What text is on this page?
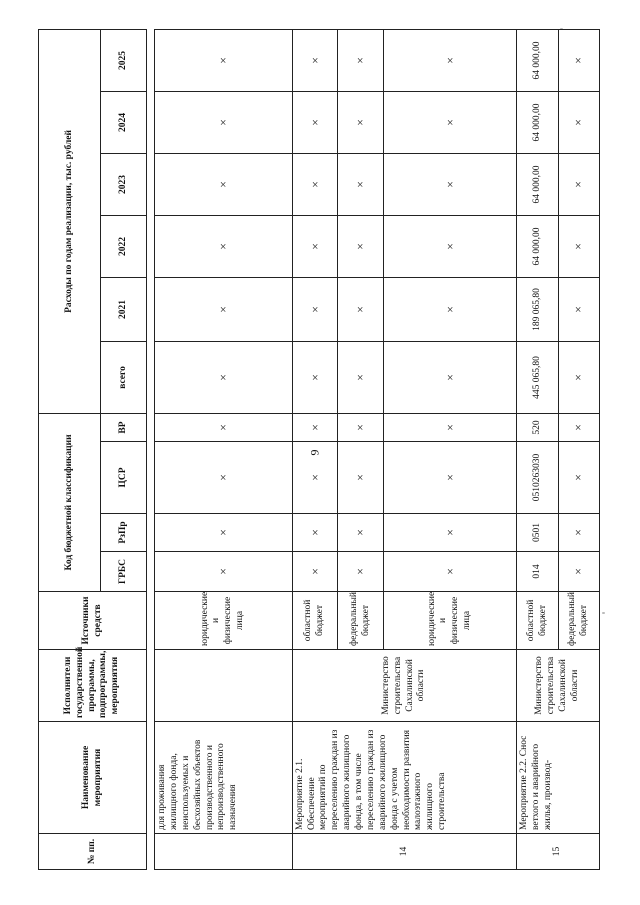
9
№ пп.	Наименование мероприятия	Исполнители государственной программы, подпрограммы, мероприятия	Источники средств	Код бюджетной классификации				Расходы по годам реализации, тыс. рублей					
				ГРБС	РзПр	ЦСР	ВР	всего	2021	2022	2023	2024	2025

	для проживания жилищного фонда, неиспользуемых и бесхозяйных объектов производственного и непроизводственного назначения		юридические и физические лица	×	×	×	×	×	×	×	×	×	×
14	Мероприятие 2.1. Обеспечение мероприятий по переселению граждан из аварийного жилищного фонда, в том числе переселению граждан из аварийного жилищного фонда с учетом необходимости развития малоэтажного жилищного строительства	Министерство строительства Сахалинской области	областной бюджет	×	×	×	×	×	×	×	×	×	×
			федеральный бюджет	×	×	×	×	×	×	×	×	×	×
			юридические и физические лица	×	×	×	×	×	×	×	×	×	×
15	Мероприятие 2.2. Снос ветхого и аварийного жилья, производ-	Министерство строительства Сахалинской области	областной бюджет	014	0501	0510263030	520	445 065,80	189 065,80	64 000,00	64 000,00	64 000,00	64 000,00
			федеральный бюджет	×	×	×	×	×	×	×	×	×	×
